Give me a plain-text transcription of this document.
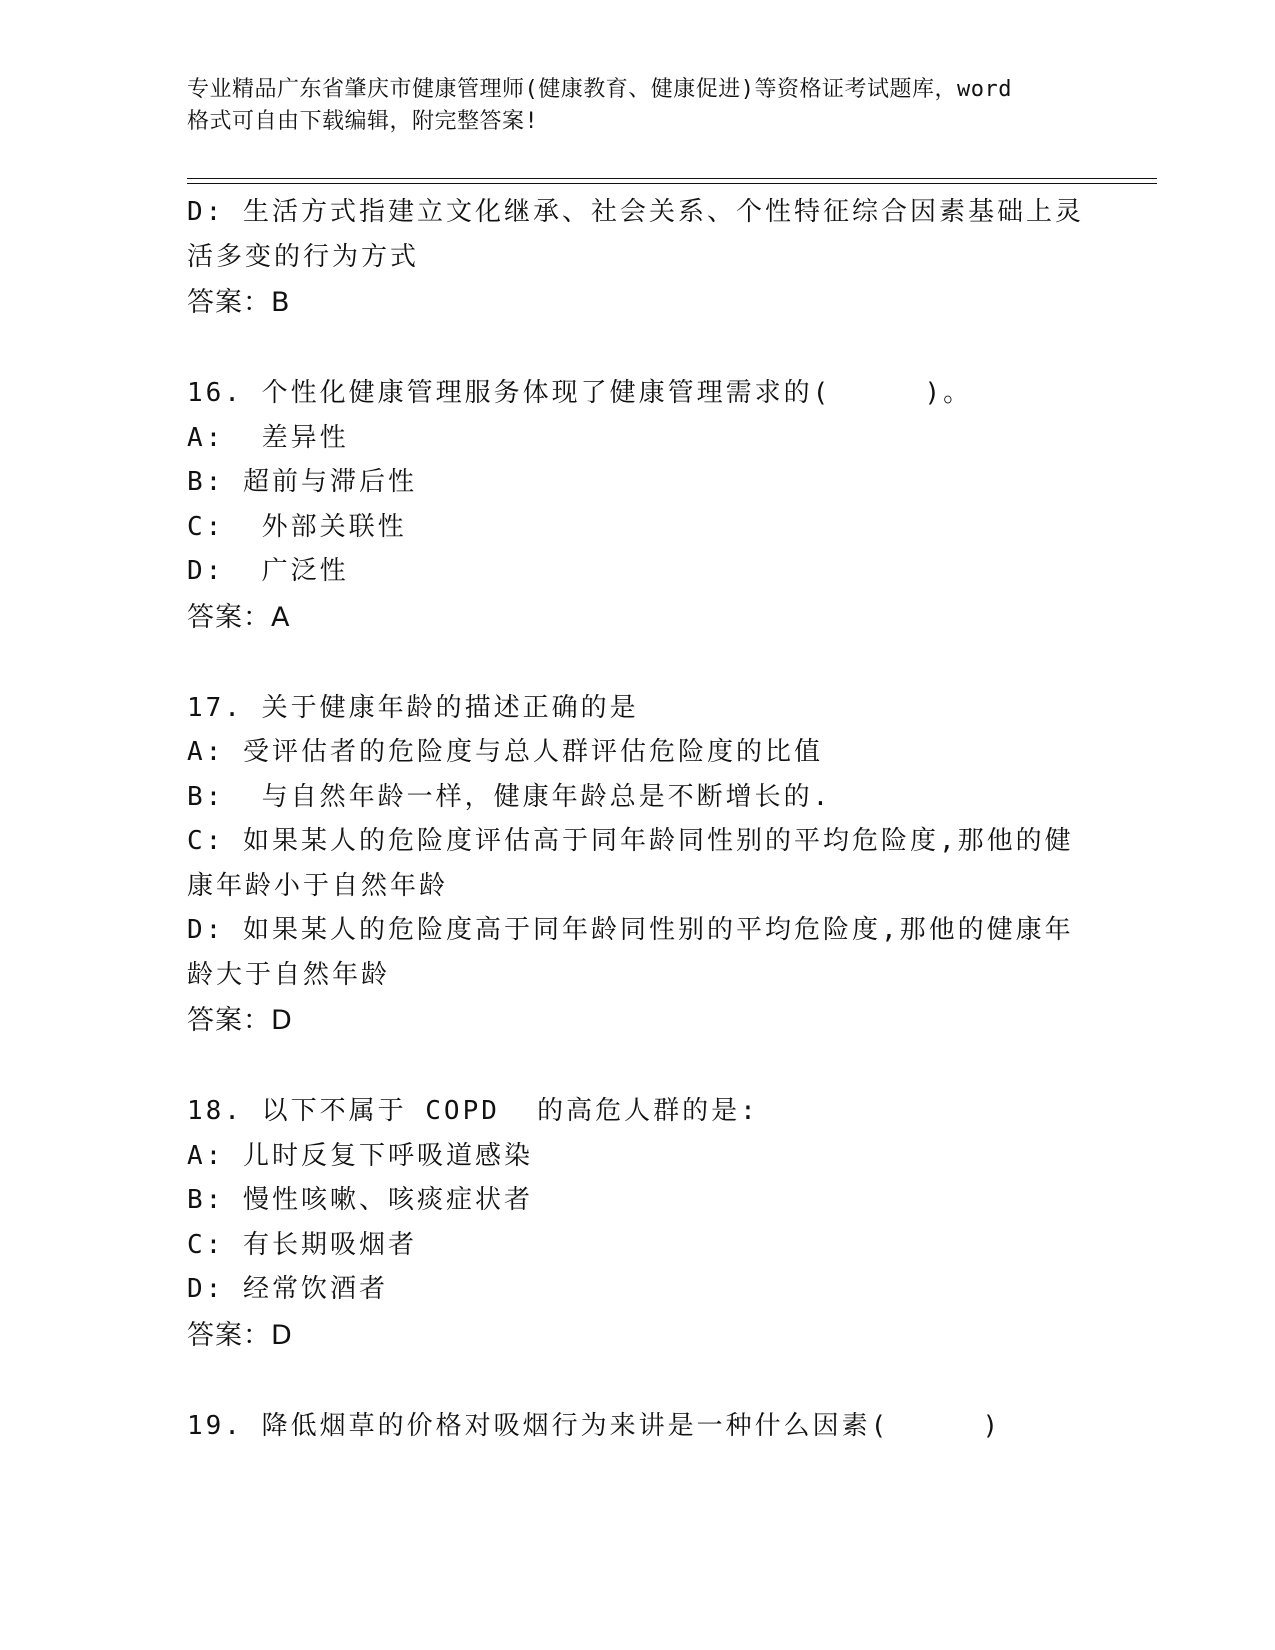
专业精品广东省肇庆市健康管理师(健康教育、健康促进)等资格证考试题库，word
格式可自由下载编辑，附完整答案!
D: 生活方式指建立文化继承、社会关系、个性特征综合因素基础上灵
活多变的行为方式
答案：B
16. 个性化健康管理服务体现了健康管理需求的(     )。
A:  差异性
B: 超前与滞后性
C:  外部关联性
D:  广泛性
答案：A
17. 关于健康年龄的描述正确的是
A: 受评估者的危险度与总人群评估危险度的比值
B:  与自然年龄一样，健康年龄总是不断增长的.
C: 如果某人的危险度评估高于同年龄同性别的平均危险度,那他的健
康年龄小于自然年龄
D: 如果某人的危险度高于同年龄同性别的平均危险度,那他的健康年
龄大于自然年龄
答案：D
18. 以下不属于 COPD  的高危人群的是:
A: 儿时反复下呼吸道感染
B: 慢性咳嗽、咳痰症状者
C: 有长期吸烟者
D: 经常饮酒者
答案：D
19. 降低烟草的价格对吸烟行为来讲是一种什么因素(     )
